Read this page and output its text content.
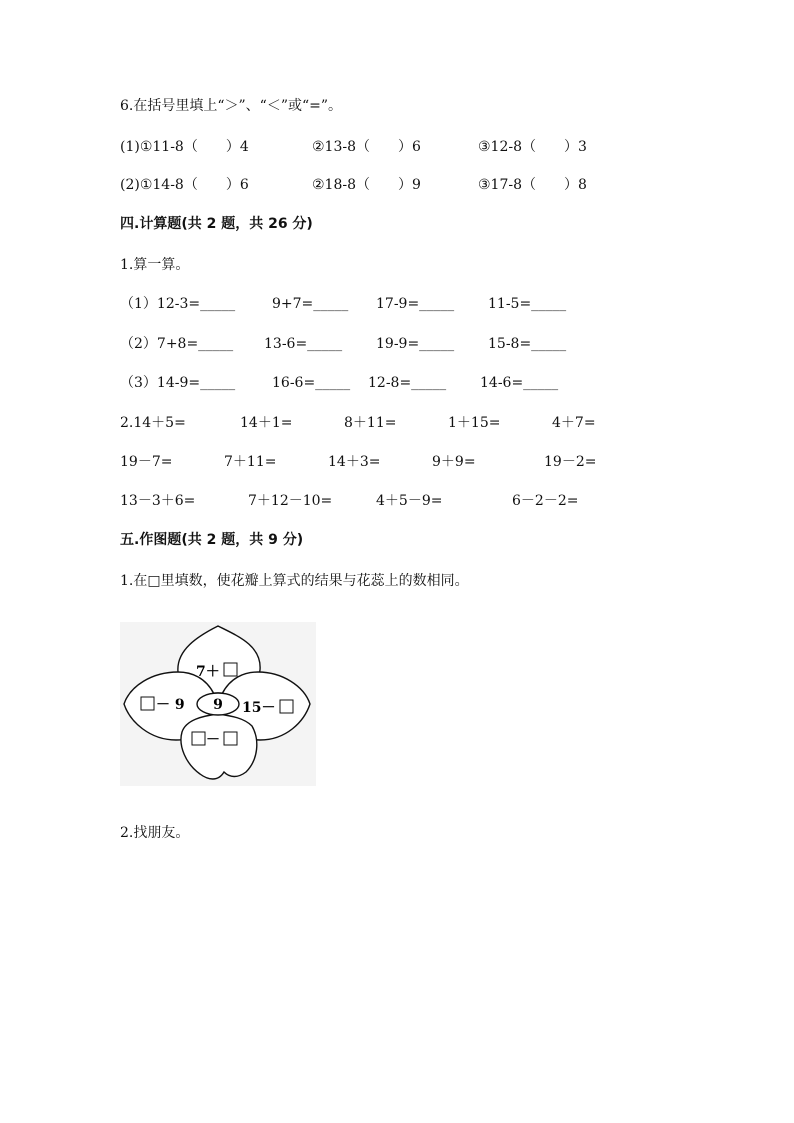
6.在括号里填上“＞”、“＜”或“=”。
(1)①11-8（　　）4	②13-8（　　）6	③12-8（　　）3
(2)①14-8（　　）6	②18-8（　　）9	③17-8（　　）8
四.计算题(共 2 题，共 26 分)
1.算一算。
（1）12-3=_____	9+7=_____ 17-9=_____ 11-5=_____
（2）7+8=_____ 13-6=_____ 19-9=_____ 15-8=_____
（3）14-9=_____	16-6=_____ 12-8=_____ 14-6=_____
2.14＋5=	14＋1=	8＋11=	1＋15=	4＋7=
19－7=	7＋11=	14＋3=	9＋9=	19－2=
13－3＋6=	7＋12－10=	4＋5－9=	6－2－2=
五.作图题(共 2 题，共 9 分)
1.在□里填数，使花瓣上算式的结果与花蕊上的数相同。
9
7＋
－ 9	15－
－
2.找朋友。
